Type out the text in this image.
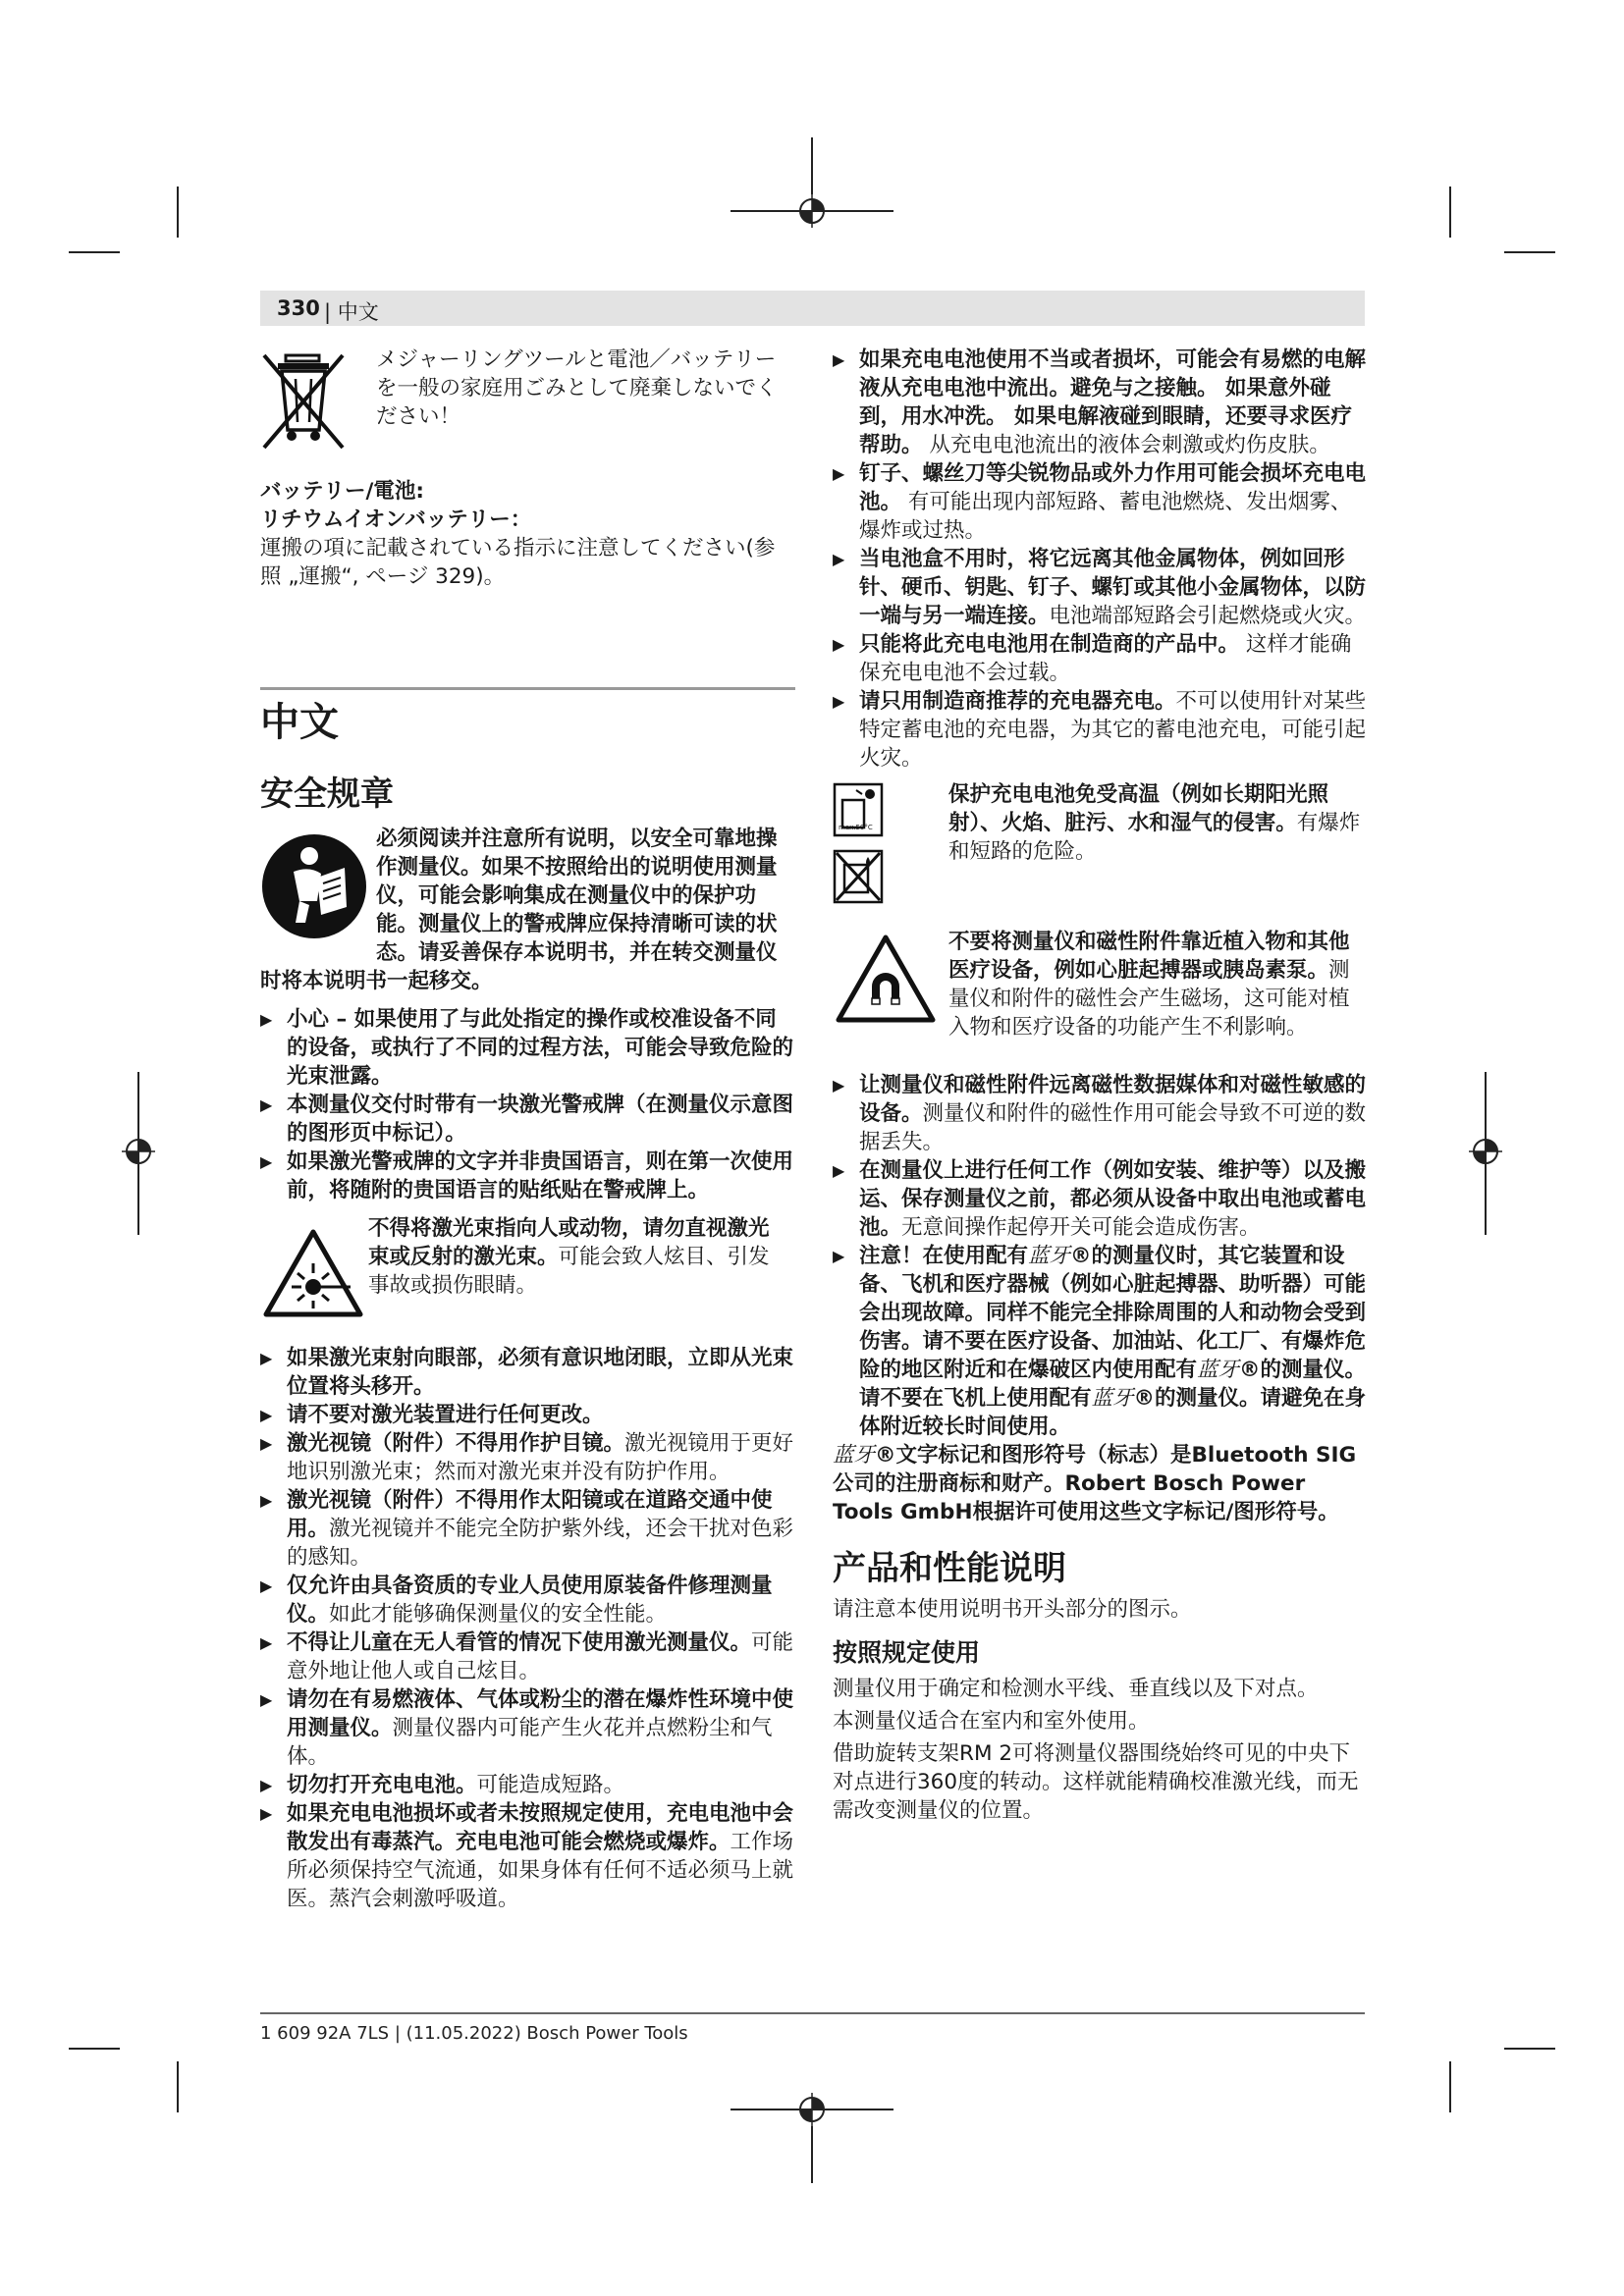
330 | 中文

メジャーリングツールと電池／バッテリーを一般の家庭用ごみとして廃棄しないでください！

バッテリー/電池:

リチウムイオンバッテリー：

運搬の項に記載されている指示に注意してください(参照 „運搬“, ページ 329)。

中文
安全规章

必须阅读并注意所有说明，以安全可靠地操作测量仪。如果不按照给出的说明使用测量仪，可能会影响集成在测量仪中的保护功能。测量仪上的警戒牌应保持清晰可读的状态。请妥善保存本说明书，并在转交测量仪时将本说明书一起移交。

▶ 小心 – 如果使用了与此处指定的操作或校准设备不同的设备，或执行了不同的过程方法，可能会导致危险的光束泄露。

▶ 本测量仪交付时带有一块激光警戒牌（在测量仪示意图的图形页中标记）。

▶ 如果激光警戒牌的文字并非贵国语言，则在第一次使用前，将随附的贵国语言的贴纸贴在警戒牌上。

不得将激光束指向人或动物，请勿直视激光束或反射的激光束。可能会致人炫目、引发事故或损伤眼睛。

▶ 如果激光束射向眼部，必须有意识地闭眼，立即从光束位置将头移开。

▶ 请不要对激光装置进行任何更改。

▶ 激光视镜（附件）不得用作护目镜。激光视镜用于更好地识别激光束；然而对激光束并没有防护作用。

▶ 激光视镜（附件）不得用作太阳镜或在道路交通中使用。激光视镜并不能完全防护紫外线，还会干扰对色彩的感知。

▶ 仅允许由具备资质的专业人员使用原装备件修理测量仪。如此才能够确保测量仪的安全性能。

▶ 不得让儿童在无人看管的情况下使用激光测量仪。可能意外地让他人或自己炫目。

▶ 请勿在有易燃液体、气体或粉尘的潜在爆炸性环境中使用测量仪。测量仪器内可能产生火花并点燃粉尘和气体。

▶ 切勿打开充电电池。可能造成短路。

▶ 如果充电电池损坏或者未按照规定使用，充电电池中会散发出有毒蒸汽。充电电池可能会燃烧或爆炸。工作场所必须保持空气流通，如果身体有任何不适必须马上就医。蒸汽会刺激呼吸道。

▶ 如果充电电池使用不当或者损坏，可能会有易燃的电解液从充电电池中流出。避免与之接触。 如果意外碰到，用水冲洗。 如果电解液碰到眼睛，还要寻求医疗帮助。 从充电电池流出的液体会刺激或灼伤皮肤。

▶ 钉子、螺丝刀等尖锐物品或外力作用可能会损坏充电电池。 有可能出现内部短路、蓄电池燃烧、发出烟雾、爆炸或过热。

▶ 当电池盒不用时，将它远离其他金属物体，例如回形针、硬币、钥匙、钉子、螺钉或其他小金属物体，以防一端与另一端连接。电池端部短路会引起燃烧或火灾。

▶ 只能将此充电电池用在制造商的产品中。 这样才能确保充电电池不会过载。

▶ 请只用制造商推荐的充电器充电。不可以使用针对某些特定蓄电池的充电器，为其它的蓄电池充电，可能引起火灾。

max.50°C

保护充电电池免受高温（例如长期阳光照射）、火焰、脏污、水和湿气的侵害。有爆炸和短路的危险。

不要将测量仪和磁性附件靠近植入物和其他医疗设备，例如心脏起搏器或胰岛素泵。测量仪和附件的磁性会产生磁场，这可能对植入物和医疗设备的功能产生不利影响。

▶ 让测量仪和磁性附件远离磁性数据媒体和对磁性敏感的设备。测量仪和附件的磁性作用可能会导致不可逆的数据丢失。

▶ 在测量仪上进行任何工作（例如安装、维护等）以及搬运、保存测量仪之前，都必须从设备中取出电池或蓄电池。无意间操作起停开关可能会造成伤害。

▶ 注意！在使用配有蓝牙®的测量仪时，其它装置和设备、飞机和医疗器械（例如心脏起搏器、助听器）可能会出现故障。同样不能完全排除周围的人和动物会受到伤害。请不要在医疗设备、加油站、化工厂、有爆炸危险的地区附近和在爆破区内使用配有蓝牙®的测量仪。请不要在飞机上使用配有蓝牙®的测量仪。请避免在身体附近较长时间使用。

蓝牙®文字标记和图形符号（标志）是Bluetooth SIG公司的注册商标和财产。Robert Bosch Power Tools GmbH根据许可使用这些文字标记/图形符号。

产品和性能说明

请注意本使用说明书开头部分的图示。

按照规定使用

测量仪用于确定和检测水平线、垂直线以及下对点。

本测量仪适合在室内和室外使用。

借助旋转支架RM 2可将测量仪器围绕始终可见的中央下对点进行360度的转动。这样就能精确校准激光线，而无需改变测量仪的位置。

1 609 92A 7LS | (11.05.2022) Bosch Power Tools
